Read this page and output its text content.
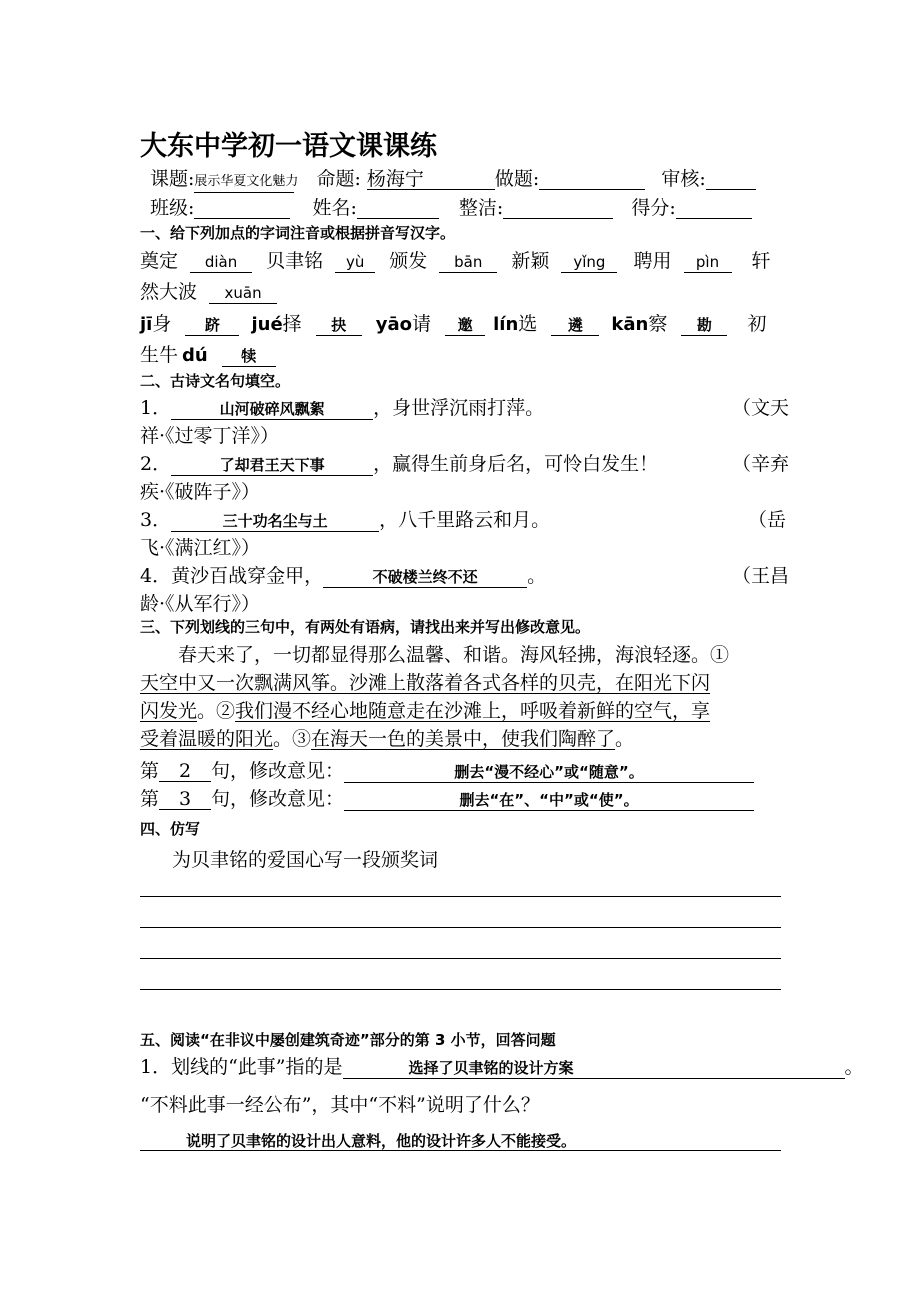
大东中学初一语文课课练
课题:展示华夏文化魅力 命题: 杨海宁	做题:	审核:
班级:	姓名:	整洁:	得分:
一、给下列加点的字词注音或根据拼音写汉字。
奠定 diàn 贝聿铭 yù 颁发 bān 新颖 yǐng 聘用 pìn 轩
然大波 xuān
jī身 跻 jué择 抉 yāo请 邀 lín选 遴 kān察 勘 初
生牛 dú 犊
二、古诗文名句填空。
1．	山河破碎风飘絮	，身世浮沉雨打萍。	（文天
祥·《过零丁洋》）
2．	了却君王天下事	，赢得生前身后名，可怜白发生！	（辛弃
疾·《破阵子》）
3．	三十功名尘与土	，八千里路云和月。	（岳
飞·《满江红》）
4．黄沙百战穿金甲，	不破楼兰终不还	。	（王昌
龄·《从军行》）
三、下列划线的三句中，有两处有语病，请找出来并写出修改意见。
春天来了，一切都显得那么温馨、和谐。海风轻拂，海浪轻逐。①
天空中又一次飘满风筝。沙滩上散落着各式各样的贝壳，在阳光下闪
闪发光。②我们漫不经心地随意走在沙滩上，呼吸着新鲜的空气，享
受着温暖的阳光。③在海天一色的美景中，使我们陶醉了。
第 2 句，修改意见：	删去“漫不经心”或“随意”。
第 3 句，修改意见：	删去“在”、“中”或“使”。
四、仿写
为贝聿铭的爱国心写一段颁奖词
五、阅读“在非议中屡创建筑奇迹”部分的第 3 小节，回答问题
1．划线的“此事”指的是	选择了贝聿铭的设计方案	。
“不料此事一经公布”，其中“不料”说明了什么？
说明了贝聿铭的设计出人意料，他的设计许多人不能接受。
